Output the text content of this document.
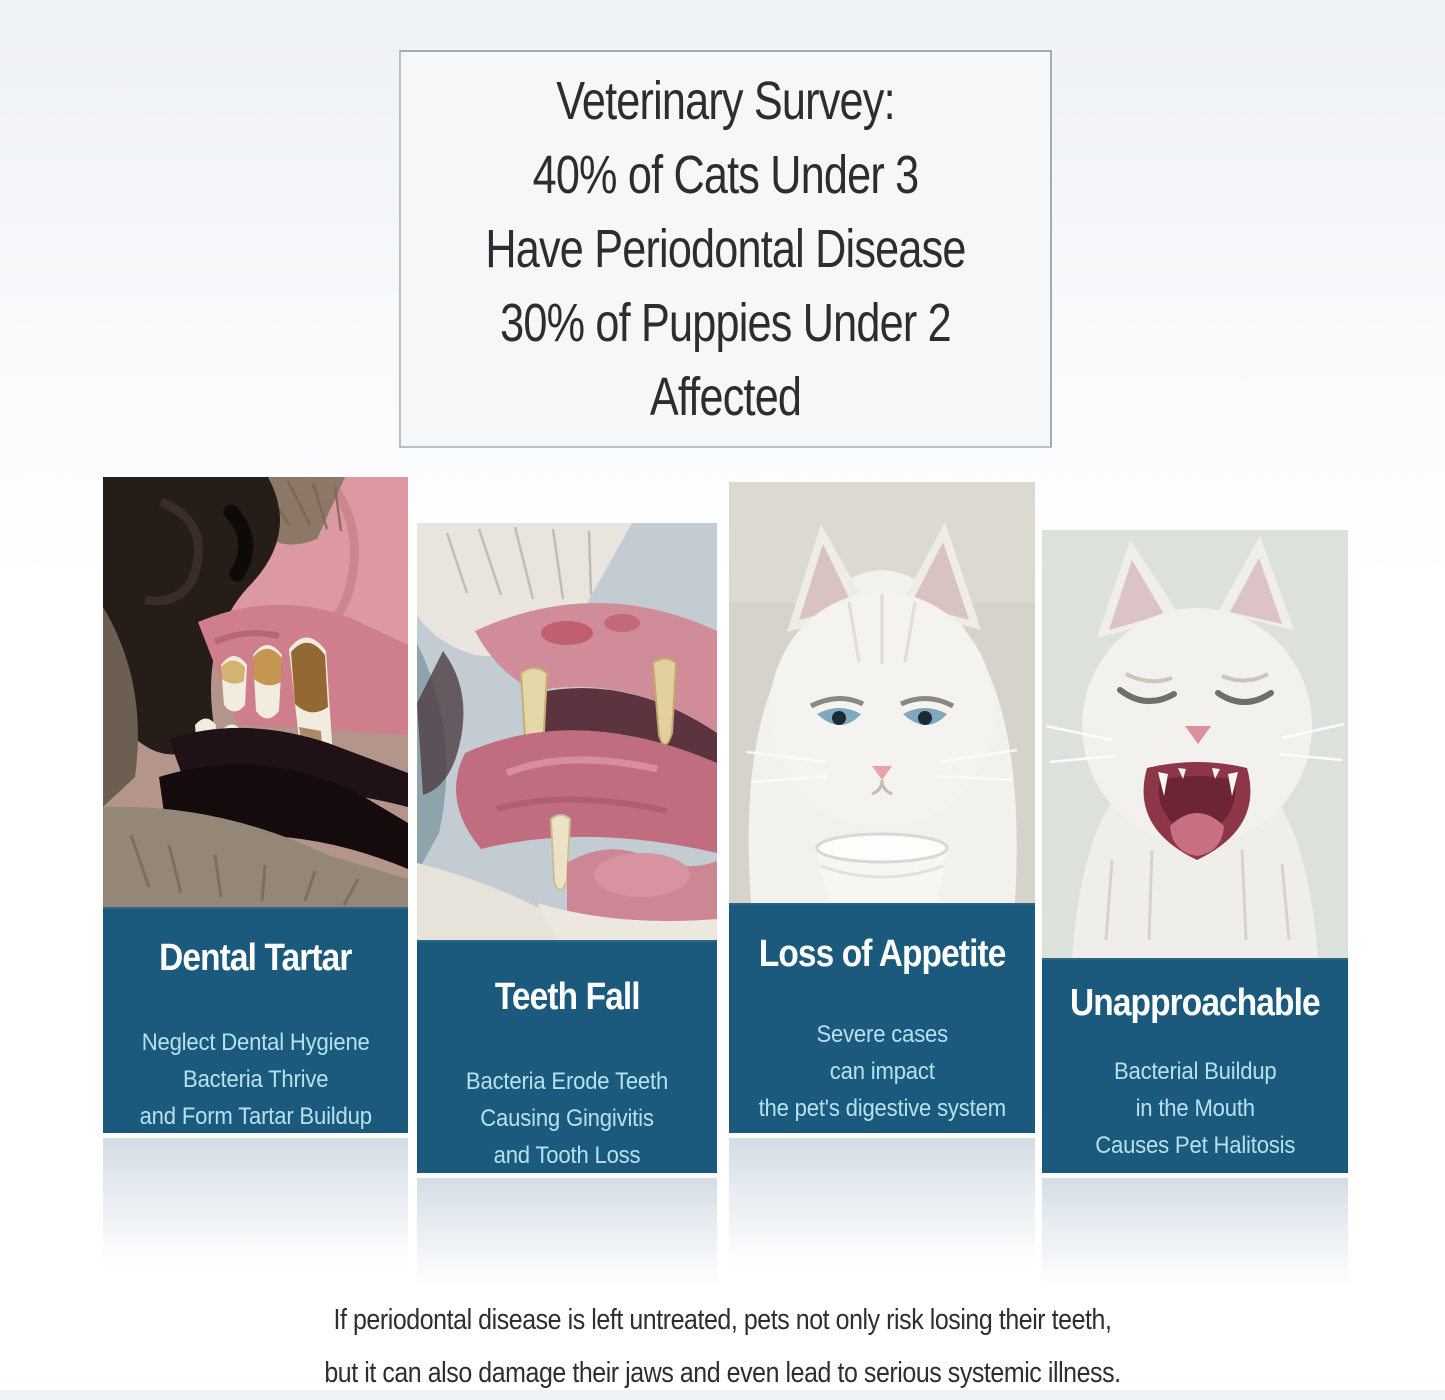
Veterinary Survey:
40% of Cats Under 3
Have Periodontal Disease
30% of Puppies Under 2
Affected
Dental Tartar
Neglect Dental Hygiene
Bacteria Thrive
and Form Tartar Buildup
Teeth Fall
Bacteria Erode Teeth
Causing Gingivitis
and Tooth Loss
Loss of Appetite
Severe cases
can impact
the pet's digestive system
Unapproachable
Bacterial Buildup
in the Mouth
Causes Pet Halitosis

If periodontal disease is left untreated, pets not only risk losing their teeth,
but it can also damage their jaws and even lead to serious systemic illness.
